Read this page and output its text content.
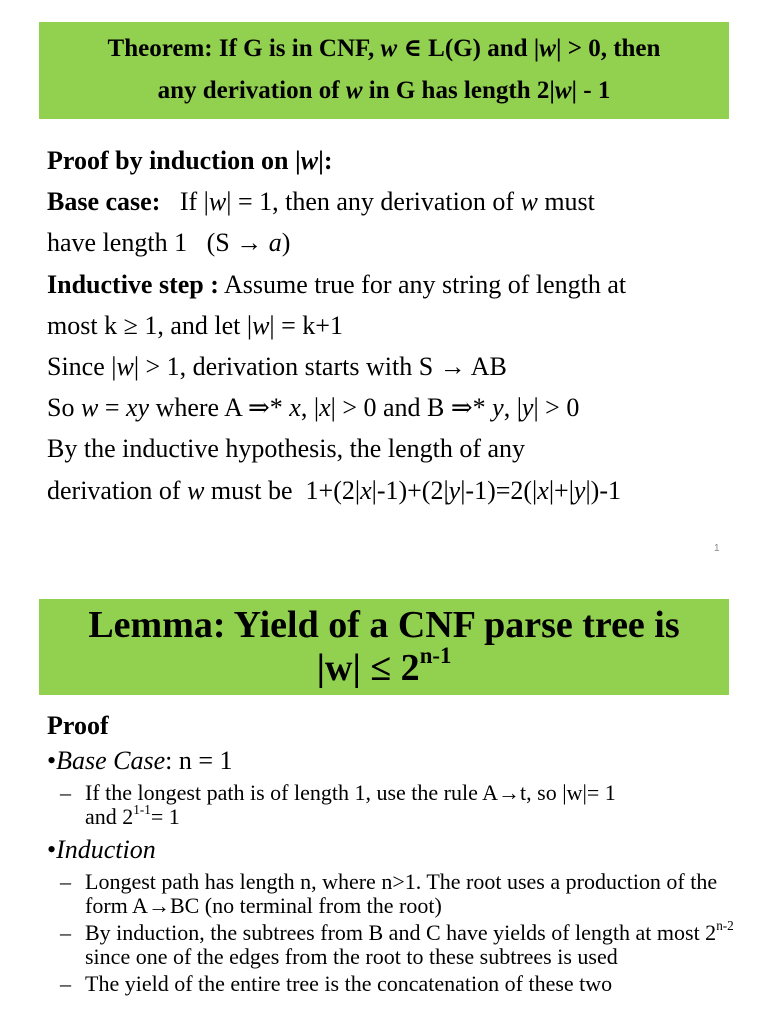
Theorem: If G is in CNF, w ∈ L(G) and |w| > 0, then
any derivation of w in G has length 2|w| - 1
Proof by induction on |w|:
Base case:   If |w| = 1, then any derivation of w must
have length 1   (S → a)
Inductive step : Assume true for any string of length at
most k ≥ 1, and let |w| = k+1
Since |w| > 1, derivation starts with S → AB
So w = xy where A ⇒* x, |x| > 0 and B ⇒* y, |y| > 0
By the inductive hypothesis, the length of any
derivation of w must be  1+(2|x|-1)+(2|y|-1)=2(|x|+|y|)-1
1
Lemma: Yield of a CNF parse tree is
$|w| \le 2^{n-1}$
Proof
•Base Case: n = 1
– If the longest path is of length 1, use the rule A→t, so |w|= 1
and $2^{1-1}= 1$
•Induction
– Longest path has length n, where n>1. The root uses a production of the form A→BC (no terminal from the root)
– By induction, the subtrees from B and C have yields of length at most 2$^{n-2}$ since one of the edges from the root to these subtrees is used
– The yield of the entire tree is the concatenation of these two
